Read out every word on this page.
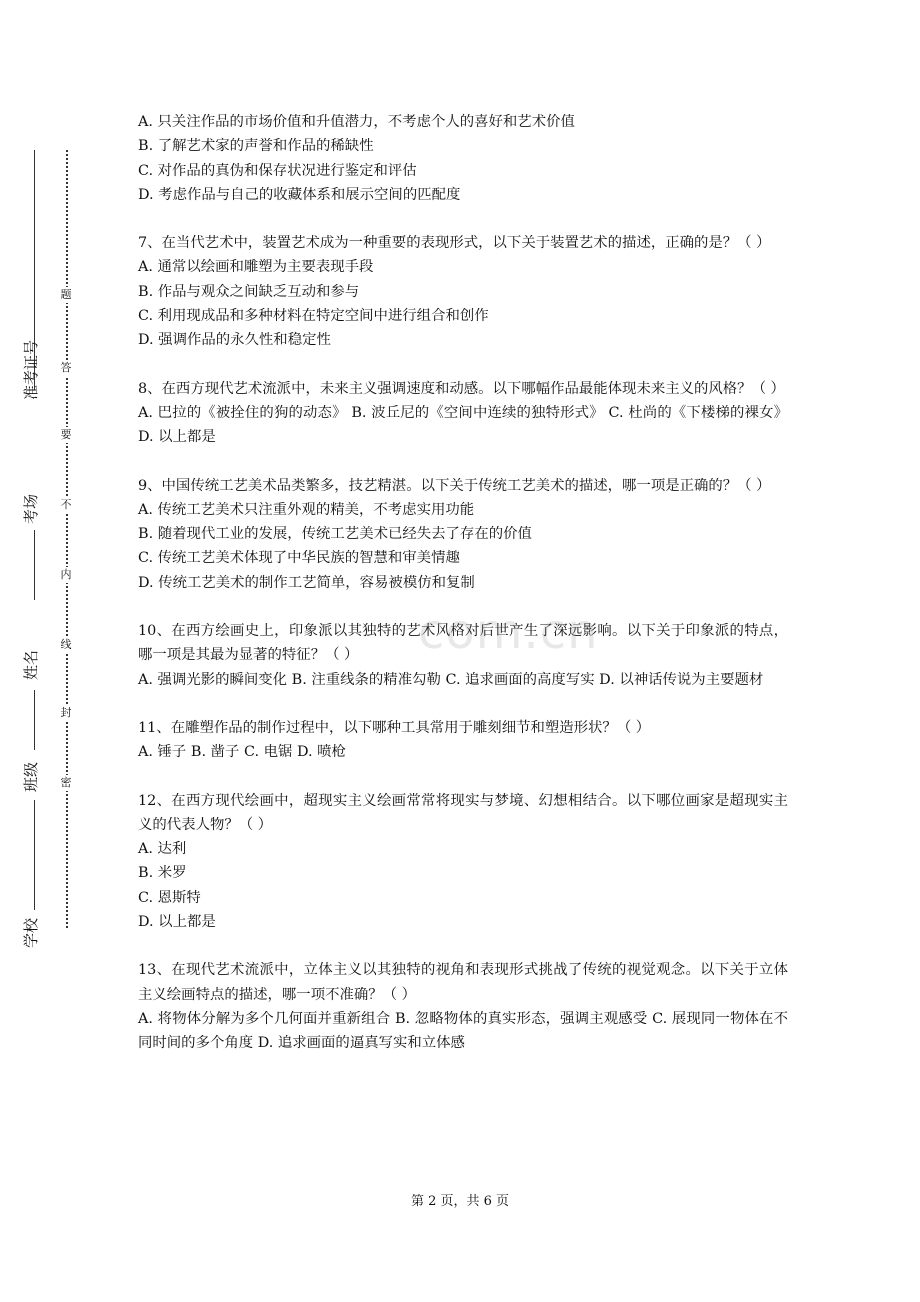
准考证号
考场
姓名
班级
学校
题
答
要
不
内
线
封
密
A. 只关注作品的市场价值和升值潜力，不考虑个人的喜好和艺术价值
B. 了解艺术家的声誉和作品的稀缺性
C. 对作品的真伪和保存状况进行鉴定和评估
D. 考虑作品与自己的收藏体系和展示空间的匹配度
7、在当代艺术中，装置艺术成为一种重要的表现形式，以下关于装置艺术的描述，正确的是？（ ）
A. 通常以绘画和雕塑为主要表现手段
B. 作品与观众之间缺乏互动和参与
C. 利用现成品和多种材料在特定空间中进行组合和创作
D. 强调作品的永久性和稳定性
8、在西方现代艺术流派中，未来主义强调速度和动感。以下哪幅作品最能体现未来主义的风格？（ ）
A. 巴拉的《被拴住的狗的动态》 B. 波丘尼的《空间中连续的独特形式》 C. 杜尚的《下楼梯的裸女》 D. 以上都是
9、中国传统工艺美术品类繁多，技艺精湛。以下关于传统工艺美术的描述，哪一项是正确的？（ ）
A. 传统工艺美术只注重外观的精美，不考虑实用功能
B. 随着现代工业的发展，传统工艺美术已经失去了存在的价值
C. 传统工艺美术体现了中华民族的智慧和审美情趣
D. 传统工艺美术的制作工艺简单，容易被模仿和复制
10、在西方绘画史上，印象派以其独特的艺术风格对后世产生了深远影响。以下关于印象派的特点，哪一项是其最为显著的特征？（ ）
A. 强调光影的瞬间变化 B. 注重线条的精准勾勒 C. 追求画面的高度写实 D. 以神话传说为主要题材
11、在雕塑作品的制作过程中，以下哪种工具常用于雕刻细节和塑造形状？（ ）
A. 锤子 B. 凿子 C. 电锯 D. 喷枪
12、在西方现代绘画中，超现实主义绘画常常将现实与梦境、幻想相结合。以下哪位画家是超现实主义的代表人物？（ ）
A. 达利
B. 米罗
C. 恩斯特
D. 以上都是
13、在现代艺术流派中，立体主义以其独特的视角和表现形式挑战了传统的视觉观念。以下关于立体主义绘画特点的描述，哪一项不准确？（ ）
A. 将物体分解为多个几何面并重新组合 B. 忽略物体的真实形态，强调主观感受 C. 展现同一物体在不同时间的多个角度 D. 追求画面的逼真写实和立体感
com.cn
第 2 页，共 6 页
